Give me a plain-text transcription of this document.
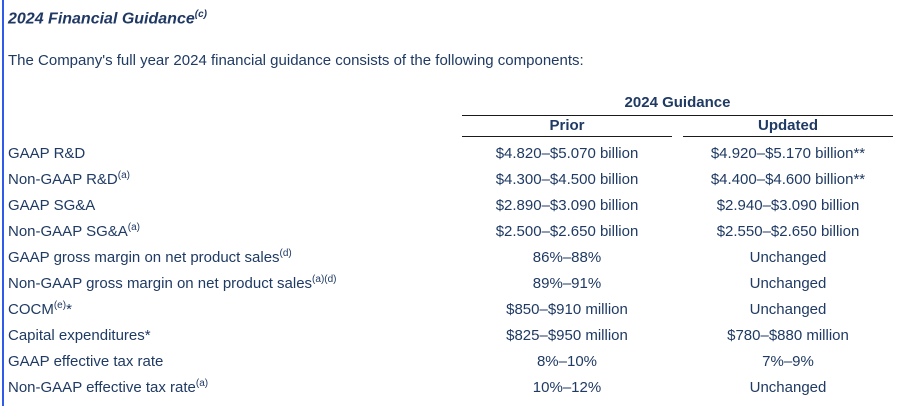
2024 Financial Guidance$^{(c)}$
The Company's full year 2024 financial guidance consists of the following components:
2024 Guidance
Prior	Updated
GAAP R&D	$4.820–$5.070 billion	$4.920–$5.170 billion**
Non-GAAP $R\&D^{(a)}$	$4.300–$4.500 billion	$4.400–$4.600 billion**
GAAP SG&A	$2.890–$3.090 billion	$2.940–$3.090 billion
Non-GAAP $SG\&A^{(a)}$	$2.500–$2.650 billion	$2.550–$2.650 billion
GAAP gross margin on net product sales$^{(d)}$	86%–88%	Unchanged
Non-GAAP gross margin on net product sales$^{(a)(d)}$	89%–91%	Unchanged
COCM$^{(e)}$*	$850–$910 million	Unchanged
Capital expenditures*	$825–$950 million	$780–$880 million
GAAP effective tax rate	8%–10%	7%–9%
Non-GAAP effective tax rate$^{(a)}$	10%–12%	Unchanged
